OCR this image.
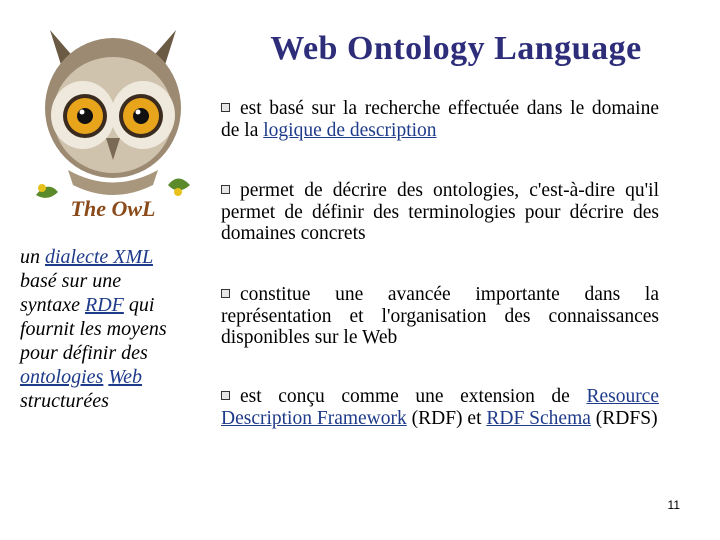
Web Ontology Language
The OwL
un dialecte XML basé sur une syntaxe RDF qui fournit les moyens pour définir des ontologies Web structurées

est basé sur la recherche effectuée dans le domaine de la logique de description

permet de décrire des ontologies, c'est-à-dire qu'il permet de définir des terminologies pour décrire des domaines concrets

constitue une avancée importante dans la représentation et l'organisation des connaissances disponibles sur le Web

est conçu comme une extension de Resource Description Framework (RDF) et RDF Schema (RDFS)

11
